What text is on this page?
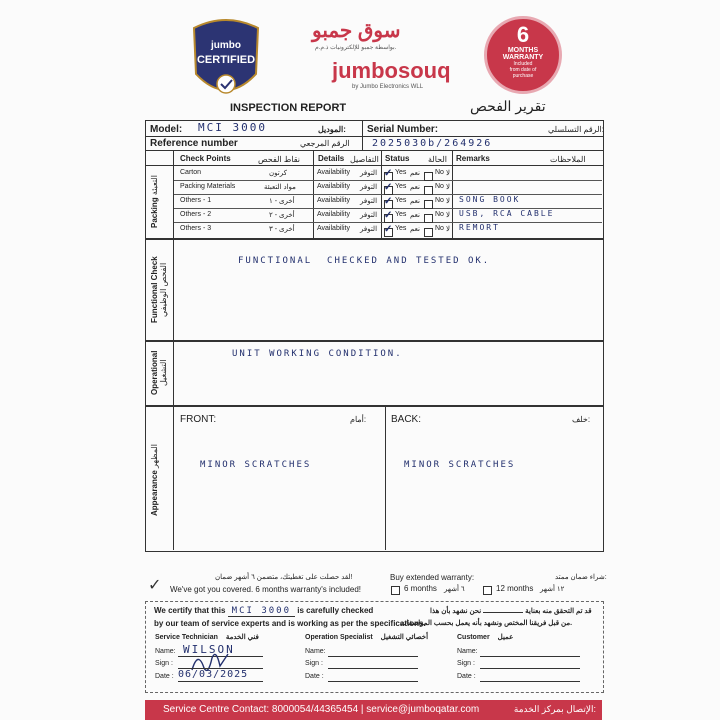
jumbo
CERTIFIED
سوق جمبو
بواسطة جمبو للإلكترونيات ذ.م.م.
jumbosouq
by Jumbo Electronics WLL
6
MONTHS
WARRANTY
Included
from date of
purchase
INSPECTION REPORT	تقرير الفحص
Model: MCI 3000	الموديل: Serial Number:
2025030b/264926
الرقم التسلسلي:
Reference number	الرقم المرجعي
Check Points	نقاط الفحص Details التفاصيل Status الحالة Remarks	الملاحظات
Packing التعبئة
Carton	كرتون	Availability التوفر ✓	Yes نعم No لا
Packing Materials	مواد التعبئة	Availability التوفر ✓	Yes نعم No لا
Others - 1	أخرى - ١	Availability التوفر ✓	Yes نعم No لا SONG BOOK
Others - 2	أخرى - ٢	Availability التوفر ✓	Yes نعم No لا USB, RCA CABLE
Others - 3	أخرى - ٣	Availability التوفر ✓	Yes نعم No لا REMORT
Functional Check الفحص الوظيفي
FUNCTIONAL  CHECKED AND TESTED OK.
Operational التشغيل
UNIT WORKING CONDITION.
Appearance المظهر
FRONT:	أمام: BACK:	خلف:
MINOR SCRATCHES	MINOR SCRATCHES
✓	لقد حصلت على تغطيتك، متضمن ٦ أشهر ضمان!
We've got you covered. 6 months warranty's included!
Buy extended warranty:	شراء ضمان ممتد:
6 months ٦ أشهر	12 months ١٢ أشهر
We certify that this MCI 3000 is carefully checked
by our team of service experts and is working as per the specifications.
قد تم التحقق منه بعناية  نحن نشهد بأن هذا
من قبل فريقنا المختص ونشهد بأنه يعمل بحسب المواصفات.
Service Technician فني الخدمة	Operation Specialist أخصائي التشغيل	Customer عميل
Name: WILSON
Sign :
Date : 06/03/2025
Name:
Sign :
Date :
Name:
Sign :
Date :
Service Centre Contact: 8000054/44365454 | service@jumboqatar.com	الإتصال بمركز الخدمة:
